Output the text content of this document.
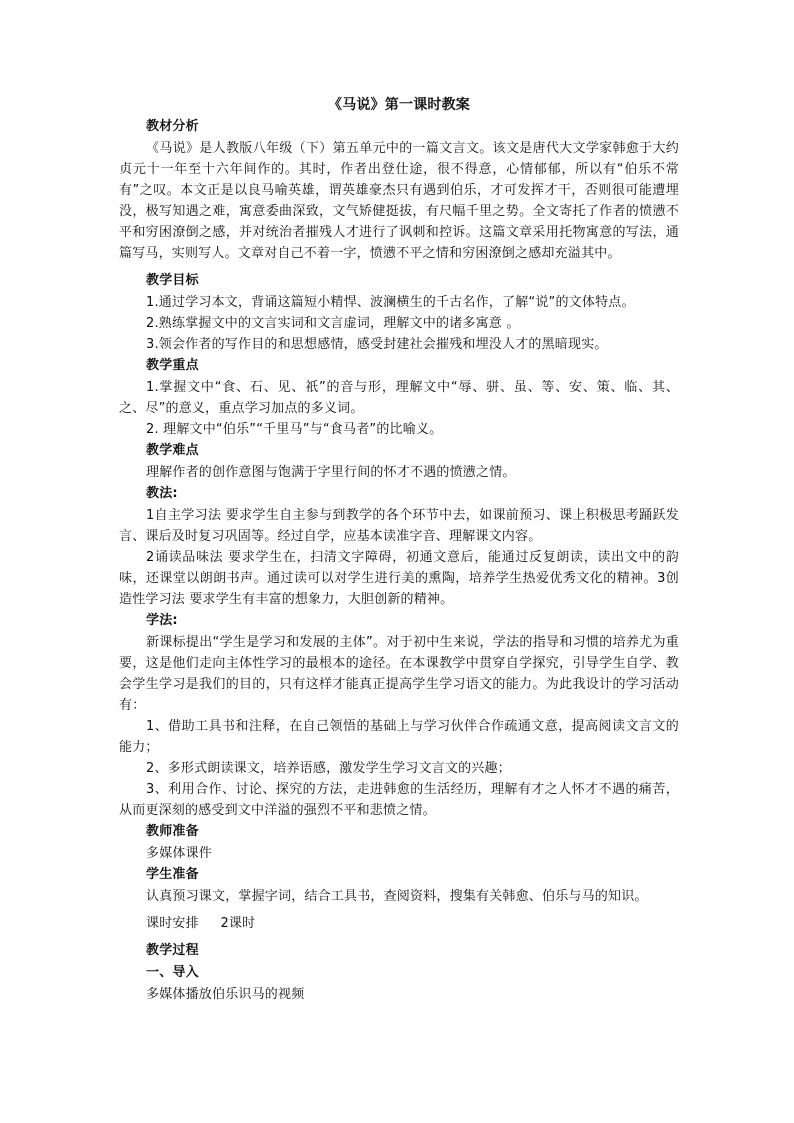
《马说》第一课时教案
教材分析

《马说》是人教版八年级（下）第五单元中的一篇文言文。该文是唐代大文学家韩愈于大约贞元十一年至十六年间作的。其时，作者出登仕途，很不得意，心情郁郁，所以有“伯乐不常有”之叹。本文正是以良马喻英雄，谓英雄豪杰只有遇到伯乐，才可发挥才干，否则很可能遭埋没，极写知遇之难，寓意委曲深致，文气矫健挺拔，有尺幅千里之势。全文寄托了作者的愤懑不平和穷困潦倒之感，并对统治者摧残人才进行了讽刺和控诉。这篇文章采用托物寓意的写法，通篇写马，实则写人。文章对自己不着一字，愤懑不平之情和穷困潦倒之感却充溢其中。

教学目标

1.通过学习本文，背诵这篇短小精悍、波澜横生的千古名作，了解“说”的文体特点。

2.熟练掌握文中的文言实词和文言虚词，理解文中的诸多寓意 。

3.领会作者的写作目的和思想感情，感受封建社会摧残和埋没人才的黑暗现实。

教学重点

1.掌握文中“食、石、见、祇”的音与形，理解文中“辱、骈、虽、等、安、策、临、其、之、尽”的意义，重点学习加点的多义词。

2. 理解文中“伯乐”“千里马”与“食马者”的比喻义。

教学难点

理解作者的创作意图与饱满于字里行间的怀才不遇的愤懑之情。

教法:

1自主学习法 要求学生自主参与到教学的各个环节中去，如课前预习、课上积极思考踊跃发言、课后及时复习巩固等。经过自学，应基本读准字音、理解课文内容。

2诵读品味法 要求学生在，扫清文字障碍，初通文意后，能通过反复朗读，读出文中的韵味，还课堂以朗朗书声。通过读可以对学生进行美的熏陶，培养学生热爱优秀文化的精神。3创造性学习法 要求学生有丰富的想象力，大胆创新的精神。

学法:

新课标提出“学生是学习和发展的主体”。对于初中生来说，学法的指导和习惯的培养尤为重要，这是他们走向主体性学习的最根本的途径。在本课教学中贯穿自学探究，引导学生自学、教会学生学习是我们的目的，只有这样才能真正提高学生学习语文的能力。为此我设计的学习活动有：

1、借助工具书和注释，在自己领悟的基础上与学习伙伴合作疏通文意，提高阅读文言文的能力；

2、多形式朗读课文，培养语感，激发学生学习文言文的兴趣；

3、利用合作、讨论、探究的方法，走进韩愈的生活经历，理解有才之人怀才不遇的痛苦，从而更深刻的感受到文中洋溢的强烈不平和悲愤之情。

教师准备

多媒体课件

学生准备

认真预习课文，掌握字词，结合工具书，查阅资料，搜集有关韩愈、伯乐与马的知识。

课时安排     2课时

教学过程
一、导入

多媒体播放伯乐识马的视频
